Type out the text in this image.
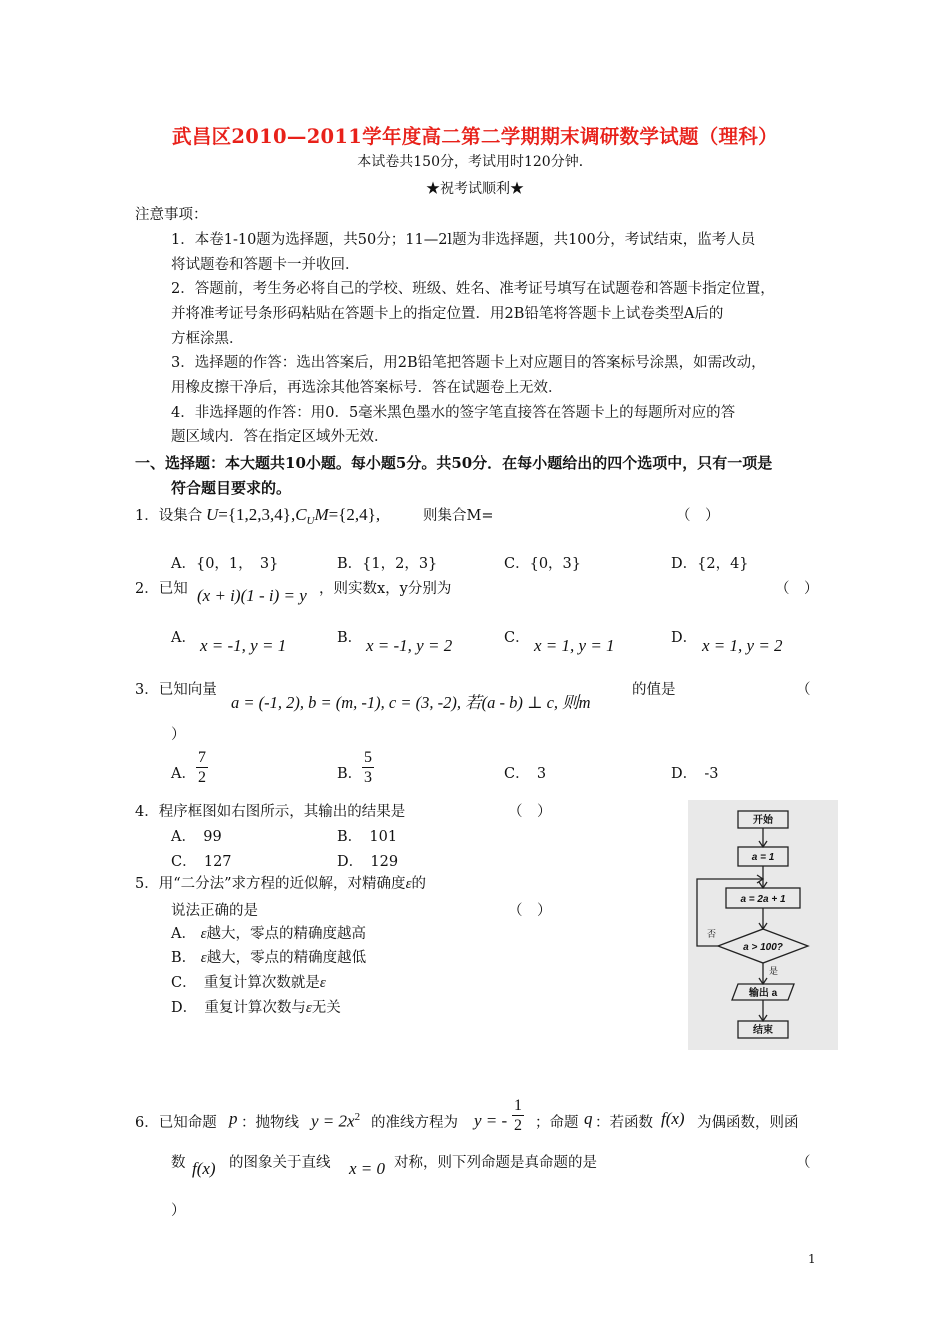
武昌区2010—2011学年度高二第二学期期末调研数学试题（理科）
本试卷共150分，考试用时120分钟．
★祝考试顺利★
注意事项：
1．本卷1-10题为选择题，共50分；11—2l题为非选择题，共100分，考试结束，监考人员
将试题卷和答题卡一并收回．
2．答题前，考生务必将自己的学校、班级、姓名、准考证号填写在试题卷和答题卡指定位置，
并将准考证号条形码粘贴在答题卡上的指定位置．用2B铅笔将答题卡上试卷类型A后的
方框涂黑．
3．选择题的作答：选出答案后，用2B铅笔把答题卡上对应题目的答案标号涂黑，如需改动，
用橡皮擦干净后，再选涂其他答案标号．答在试题卷上无效．
4．非选择题的作答：用0．5毫米黑色墨水的签字笔直接答在答题卡上的每题所对应的答
题区域内．答在指定区域外无效．
一、选择题：本大题共10小题。每小题5分。共50分．在每小题给出的四个选项中，只有一项是
符合题目要求的。
1．设集合 $U=\{1,2,3,4\},C_UM=\{2,4\}$,	则集合M=	（　）
A．{0，1，　3}	B．{1，2，3}	C．{0，3}	D．{2，4}
2．已知 (x + i)(1 - i) = y ，则实数x，y分别为	（　）
A． x = -1, y = 1	B． x = -1, y = 2	C． x = 1, y = 1	D． x = 1, y = 2
3．已知向量
a = (-1, 2), b = (m, -1), c = (3, -2), 若(a - b) ⊥ c, 则m
的值是	（
）
A． $\frac{7}{2}$	B． $\frac{5}{3}$	C．　3	D．　-3
4．程序框图如右图所示，其输出的结果是	（　）
A．　99	B．　101
C．　127	D．　129
5．用“二分法”求方程的近似解，对精确度ε的
说法正确的是	（　）
A． ε越大，零点的精确度越高
B． ε越大，零点的精确度越低
C．　重复计算次数就是ε
D．　重复计算次数与ε无关
开始
a = 1
a = 2a + 1
a > 100?
否
是
输出 a
结束
6．已知命题 p ：抛物线 $y = 2x^2$ 的准线方程为 y = - $\frac{1}{2}$ ；命题 q ：若函数 f(x) 为偶函数，则函
数 f(x) 的图象关于直线 x = 0 对称，则下列命题是真命题的是	（
）
1
